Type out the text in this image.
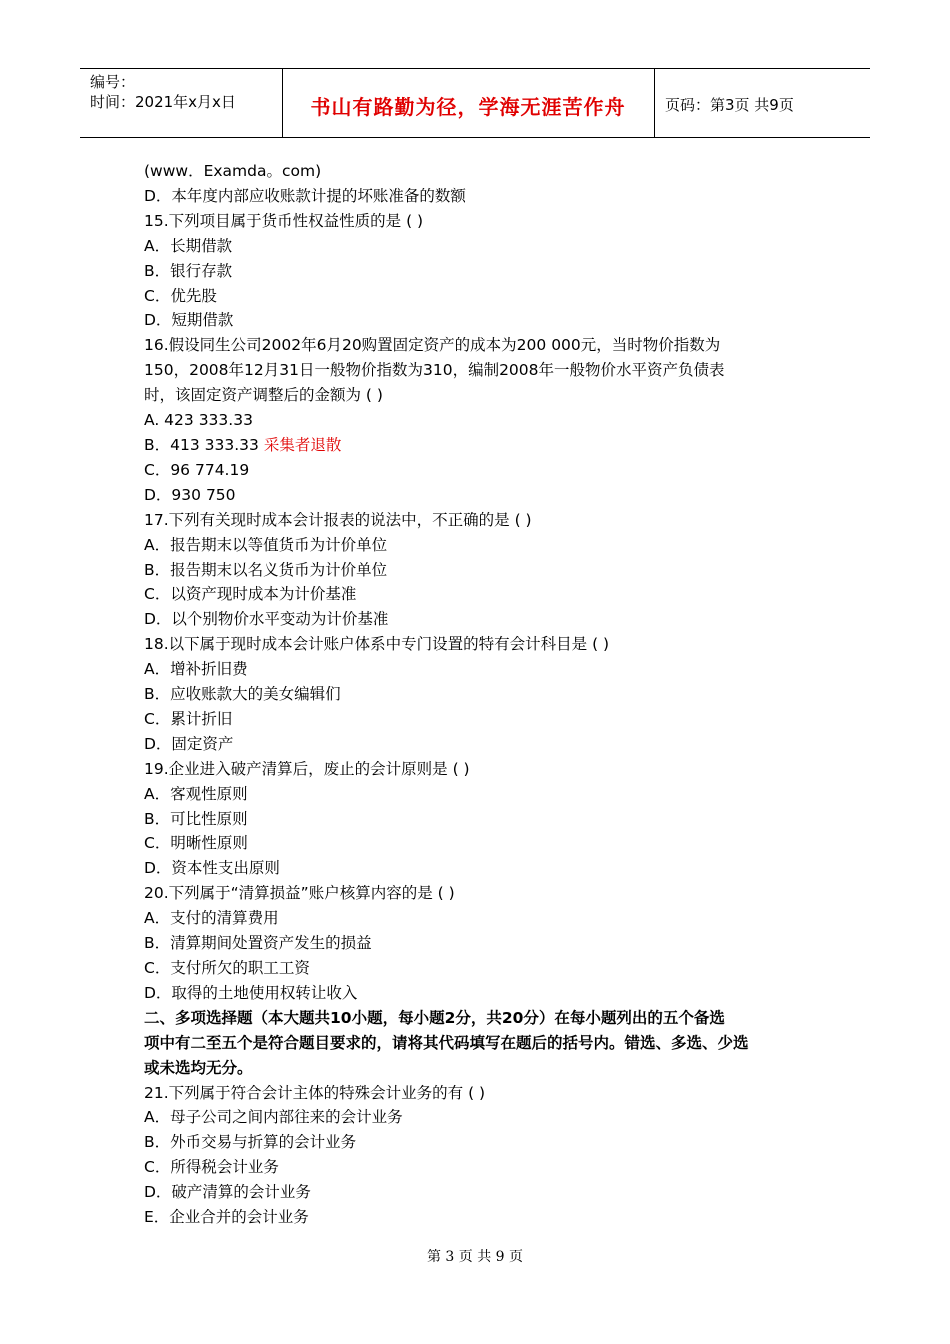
编号：
时间：2021年x月x日	书山有路勤为径，学海无涯苦作舟	页码：第3页 共9页
(www．Examda。com)
D．本年度内部应收账款计提的坏账准备的数额
15.下列项目属于货币性权益性质的是 ( )
A．长期借款
B．银行存款
C．优先股
D．短期借款
16.假设同生公司2002年6月20购置固定资产的成本为200 000元，当时物价指数为
150，2008年12月31日一般物价指数为310，编制2008年一般物价水平资产负债表
时，该固定资产调整后的金额为 ( )
A. 423 333.33
B．413 333.33 采集者退散
C．96 774.19
D．930 750
17.下列有关现时成本会计报表的说法中，不正确的是 ( )
A．报告期末以等值货币为计价单位
B．报告期末以名义货币为计价单位
C．以资产现时成本为计价基准
D．以个别物价水平变动为计价基准
18.以下属于现时成本会计账户体系中专门设置的特有会计科目是 ( )
A．增补折旧费
B．应收账款大的美女编辑们
C．累计折旧
D．固定资产
19.企业进入破产清算后，废止的会计原则是 ( )
A．客观性原则
B．可比性原则
C．明晰性原则
D．资本性支出原则
20.下列属于“清算损益”账户核算内容的是 ( )
A．支付的清算费用
B．清算期间处置资产发生的损益
C．支付所欠的职工工资
D．取得的土地使用权转让收入
二、多项选择题（本大题共10小题，每小题2分，共20分）在每小题列出的五个备选
项中有二至五个是符合题目要求的，请将其代码填写在题后的括号内。错选、多选、少选
或未选均无分。
21.下列属于符合会计主体的特殊会计业务的有 ( )
A．母子公司之间内部往来的会计业务
B．外币交易与折算的会计业务
C．所得税会计业务
D．破产清算的会计业务
E．企业合并的会计业务
第 3 页 共 9 页
